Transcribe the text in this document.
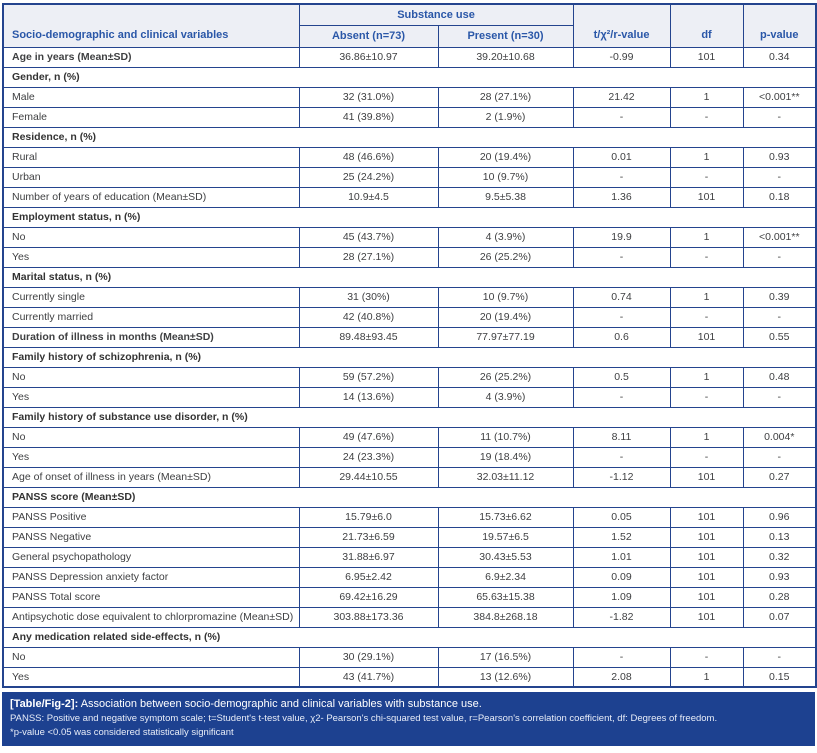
Socio-demographic and clinical variables	Substance use		t/χ²/r-value	df	p-value
	Absent (n=73)	Present (n=30)			
Age in years (Mean±SD)	36.86±10.97	39.20±10.68	-0.99	101	0.34
Gender, n (%)					
Male	32 (31.0%)	28 (27.1%)	21.42	1	<0.001**
Female	41 (39.8%)	2 (1.9%)	-	-	-
Residence, n (%)					
Rural	48 (46.6%)	20 (19.4%)	0.01	1	0.93
Urban	25 (24.2%)	10 (9.7%)	-	-	-
Number of years of education (Mean±SD)	10.9±4.5	9.5±5.38	1.36	101	0.18
Employment status, n (%)					
No	45 (43.7%)	4 (3.9%)	19.9	1	<0.001**
Yes	28 (27.1%)	26 (25.2%)	-	-	-
Marital status, n (%)					
Currently single	31 (30%)	10 (9.7%)	0.74	1	0.39
Currently married	42 (40.8%)	20 (19.4%)	-	-	-
Duration of illness in months (Mean±SD)	89.48±93.45	77.97±77.19	0.6	101	0.55
Family history of schizophrenia, n (%)					
No	59 (57.2%)	26 (25.2%)	0.5	1	0.48
Yes	14 (13.6%)	4 (3.9%)	-	-	-
Family history of substance use disorder, n (%)					
No	49 (47.6%)	11 (10.7%)	8.11	1	0.004*
Yes	24 (23.3%)	19 (18.4%)	-	-	-
Age of onset of illness in years (Mean±SD)	29.44±10.55	32.03±11.12	-1.12	101	0.27
PANSS score (Mean±SD)					
PANSS Positive	15.79±6.0	15.73±6.62	0.05	101	0.96
PANSS Negative	21.73±6.59	19.57±6.5	1.52	101	0.13
General psychopathology	31.88±6.97	30.43±5.53	1.01	101	0.32
PANSS Depression anxiety factor	6.95±2.42	6.9±2.34	0.09	101	0.93
PANSS Total score	69.42±16.29	65.63±15.38	1.09	101	0.28
Antipsychotic dose equivalent to chlorpromazine (Mean±SD)	303.88±173.36	384.8±268.18	-1.82	101	0.07
Any medication related side-effects, n (%)					
No	30 (29.1%)	17 (16.5%)	-	-	-
Yes	43 (41.7%)	13 (12.6%)	2.08	1	0.15
[Table/Fig-2]: Association between socio-demographic and clinical variables with substance use.
PANSS: Positive and negative symptom scale; t=Student's t-test value, χ2- Pearson's chi-squared test value, r=Pearson's correlation coefficient, df: Degrees of freedom.
*p-value <0.05 was considered statistically significant
